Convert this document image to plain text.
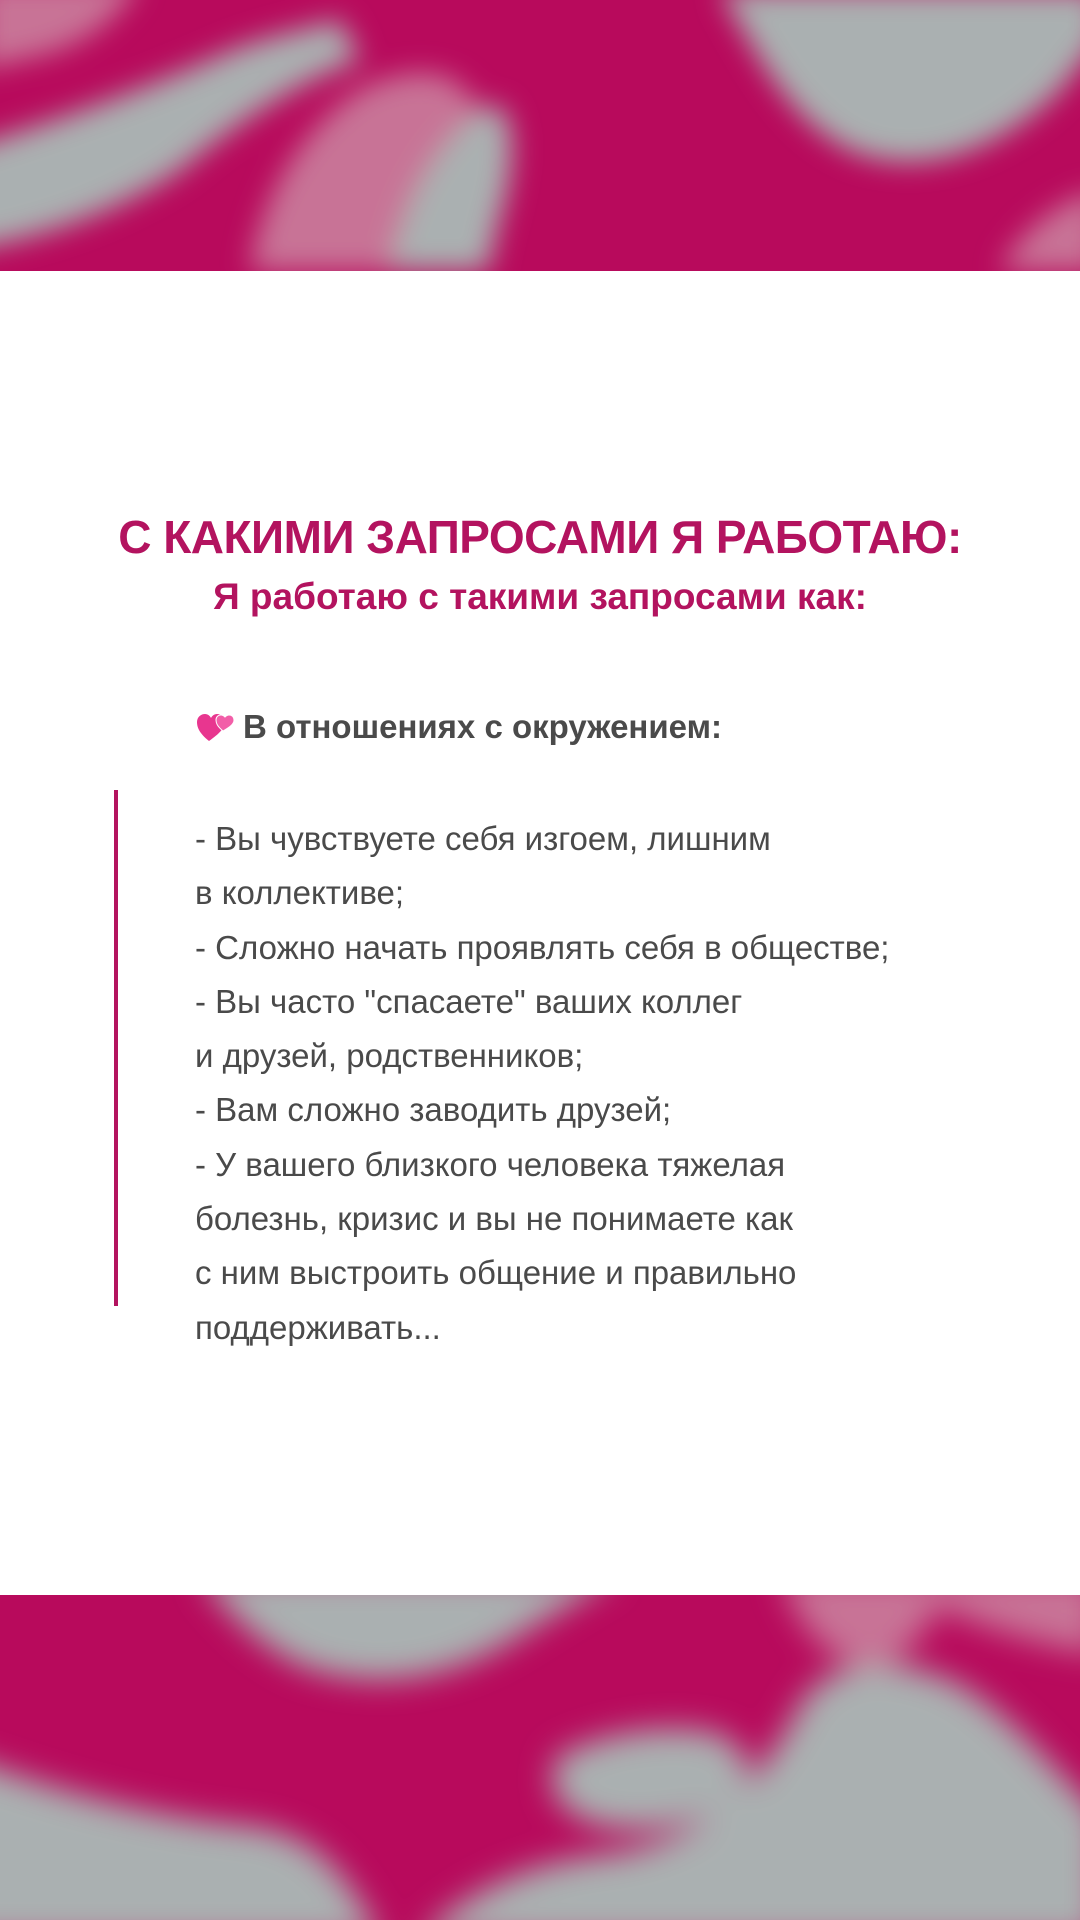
С КАКИМИ ЗАПРОСАМИ Я РАБОТАЮ:
Я работаю с такими запросами как:
В отношениях с окружением:
- Вы чувствуете себя изгоем, лишним
в коллективе;
- Сложно начать проявлять себя в обществе;
- Вы часто "спасаете" ваших коллег
и друзей, родственников;
- Вам сложно заводить друзей;
- У вашего близкого человека тяжелая
болезнь, кризис и вы не понимаете как
с ним выстроить общение и правильно
поддерживать...
